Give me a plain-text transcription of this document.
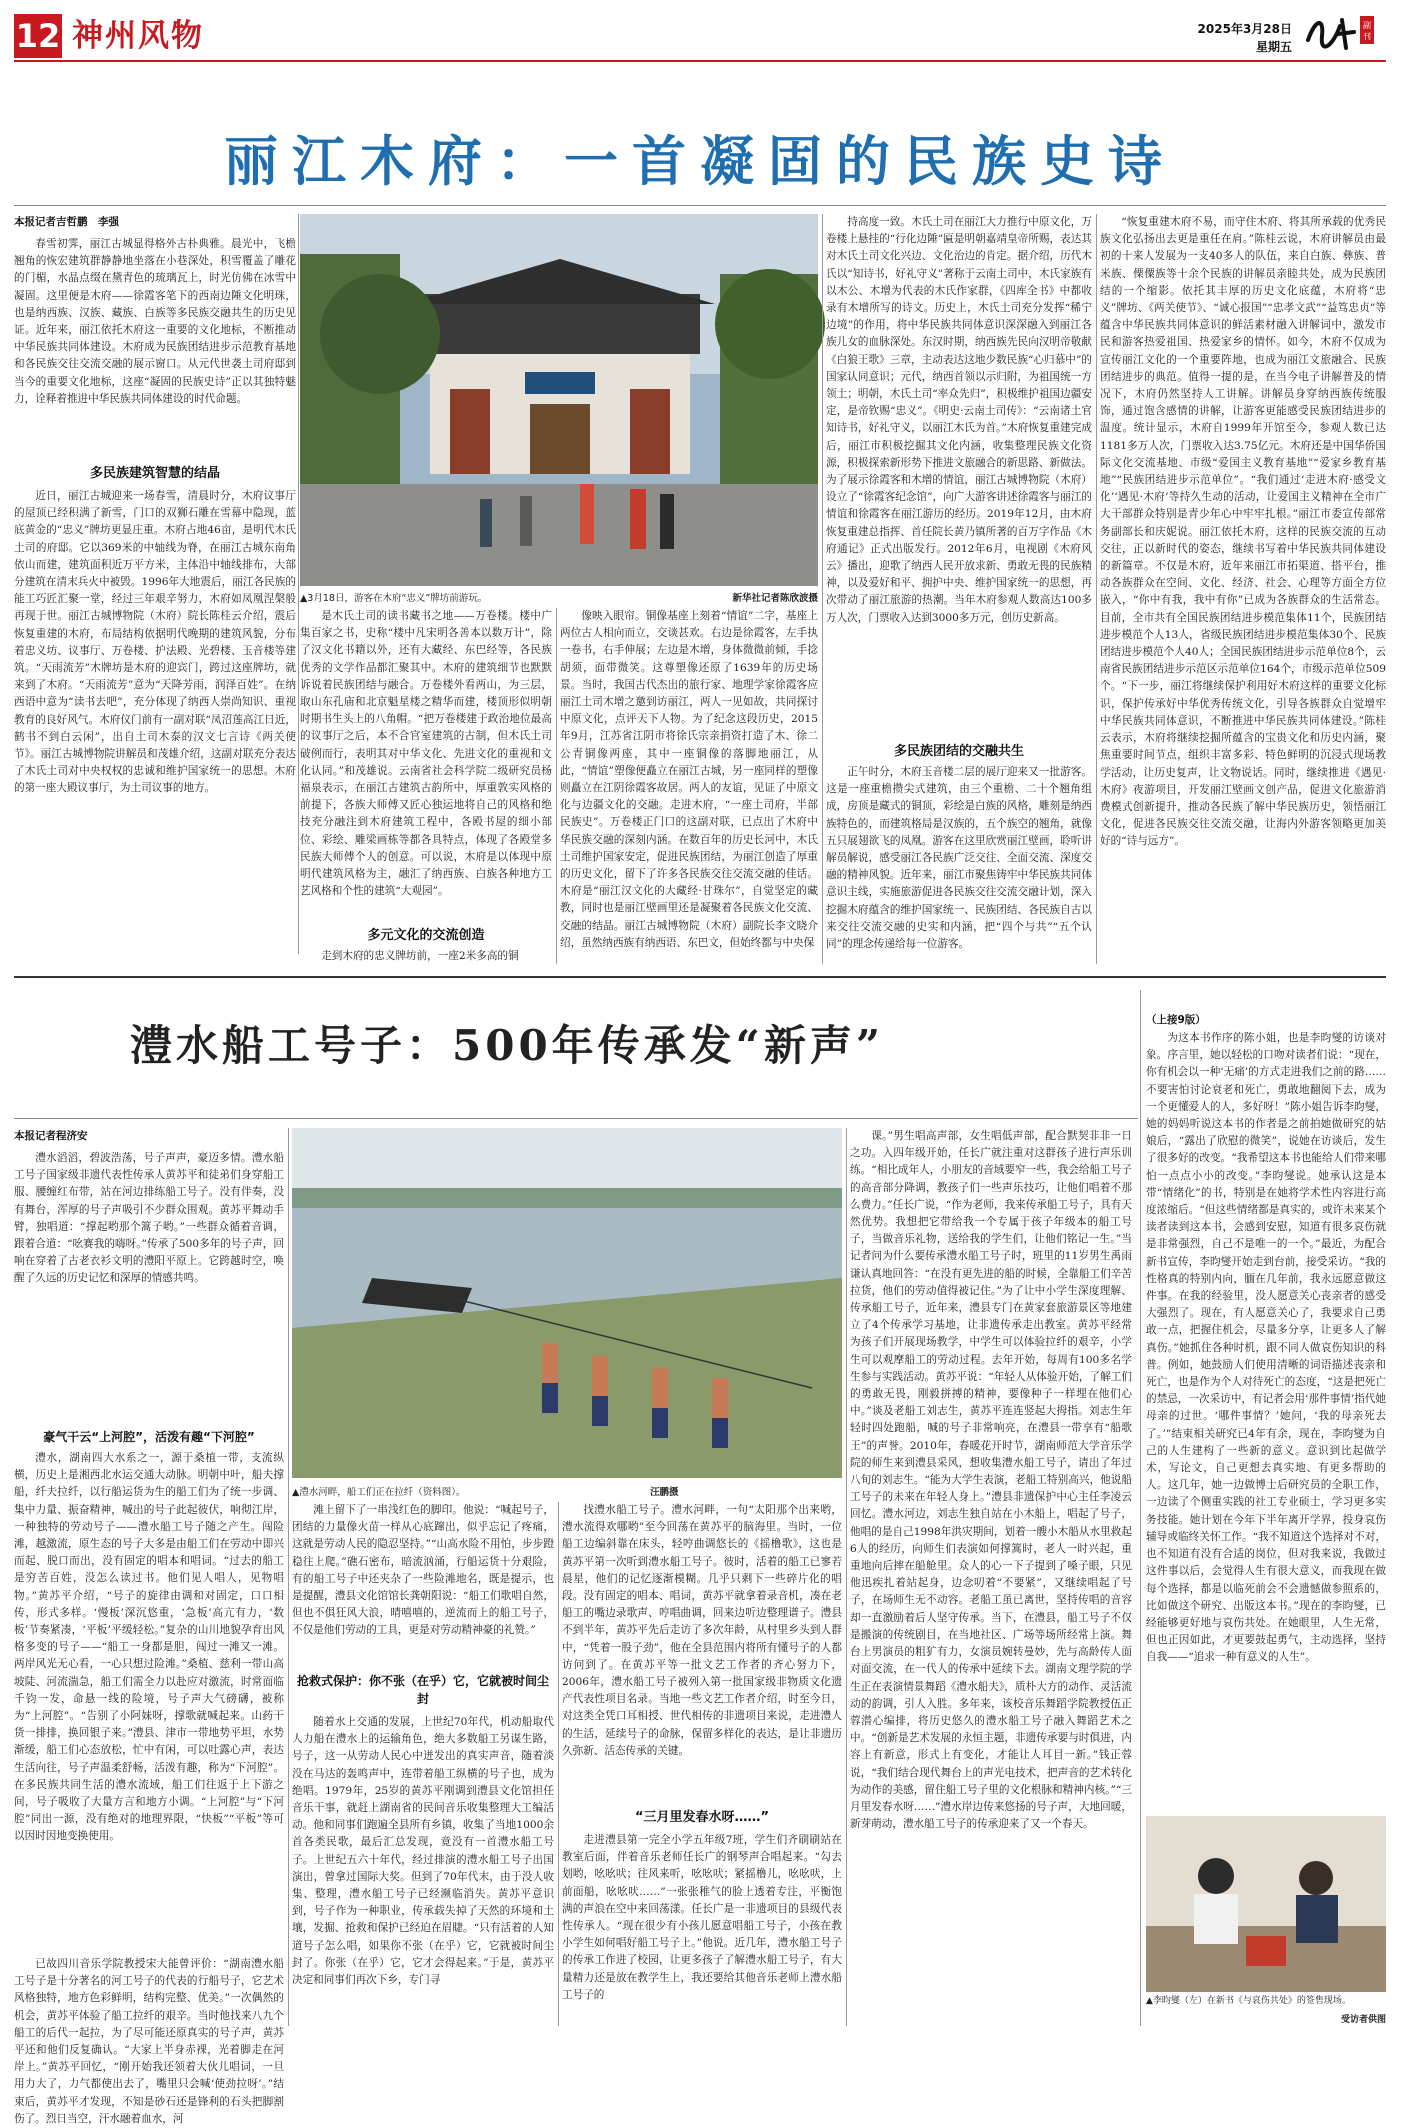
12 神州风物	2025年3月28日
星期五
副
刊
丽江木府：一首凝固的民族史诗
本报记者吉哲鹏　李强

春雪初霁，丽江古城显得格外古朴典雅。晨光中，飞檐翘角的恢宏建筑群静静地坐落在小巷深处，积雪覆盖了雕花的门楣，水晶点缀在黛青色的琉璃瓦上，时光仿佛在冰雪中凝固。这里便是木府——徐霞客笔下的西南边陲文化明珠，也是纳西族、汉族、藏族、白族等多民族交融共生的历史见证。近年来，丽江依托木府这一重要的文化地标，不断推动中华民族共同体建设。木府成为民族团结进步示范教育基地和各民族交往交流交融的展示窗口。从元代世袭土司府邸到当今的重要文化地标，这座“凝固的民族史诗”正以其独特魅力，诠释着推进中华民族共同体建设的时代命题。

多民族建筑智慧的结晶

近日，丽江古城迎来一场春雪，清晨时分，木府议事厅的屋顶已经积满了新雪，门口的双狮石雕在雪幕中隐现，蓝底黄金的“忠义”牌坊更显庄重。木府占地46亩，是明代木氏土司的府邸。它以369米的中轴线为脊，在丽江古城东南角依山而建，建筑面积近万平方米，主体沿中轴线排布，大部分建筑在清末兵火中被毁。1996年大地震后，丽江各民族的能工巧匠汇聚一堂，经过三年艰辛努力，木府如凤凰涅槃般再现于世。丽江古城博物院（木府）院长陈桂云介绍，震后恢复重建的木府，布局结构依据明代晚期的建筑风貌，分布着忠义坊、议事厅、万卷楼、护法殿、光碧楼、玉音楼等建筑。“天雨流芳”木牌坊是木府的迎宾门，跨过这座牌坊，就来到了木府。“天雨流芳”意为“天降芳雨，润泽百姓”。在纳西语中意为“读书去吧”，充分体现了纳西人崇尚知识、重视教育的良好风气。木府仪门前有一副对联“凤沼莲高江日近，鹤书不到白云闲”，出自土司木泰的汉文七言诗《两关使节》。丽江古城博物院讲解员和茂雄介绍，这副对联充分表达了木氏土司对中央权权的忠诚和维护国家统一的思想。木府的第一座大殿议事厅，为土司议事的地方。

▲3月18日，游客在木府“忠义”牌坊前游玩。	新华社记者陈欣波摄

是木氏土司的读书藏书之地——万卷楼。楼中广集百家之书，史称“楼中凡宋明各善本以数万计”，除了汉文化书籍以外，还有大藏经、东巴经等，各民族优秀的文学作品都汇聚其中。木府的建筑细节也默默诉说着民族团结与融合。万卷楼外看两山，为三层，取山东孔庙和北京魁星楼之精华而建，楼顶形似明朝时期书生头上的八角帽。“把万卷楼建于政治地位最高的议事厅之后，本不合官室建筑的古制，但木氏土司破例而行，表明其对中华文化、先进文化的重视和文化认同。”和茂雄说。云南省社会科学院二级研究员杨福泉表示，在丽江古建筑古韵所中，厚重敦实风格的前提下，各族大师傅又匠心独运地将自己的风格和绝技充分融注到木府建筑工程中，各殿书屋的细小部位、彩绘、雕梁画栋等都各具特点，体现了各殿堂多民族大师傅个人的创意。可以说，木府是以体现中原明代建筑风格为主，融汇了纳西族、白族各种地方工艺风格和个性的建筑“大观园”。

多元文化的交流创造

走到木府的忠义牌坊前，一座2米多高的铜

像映入眼帘。铜像基座上刻着“情谊”二字，基座上两位古人相向而立，交谈甚欢。右边是徐霞客，左手执一卷书，右手伸展；左边是木增，身体微微前倾，手捻胡须，面带微笑。这尊塑像还原了1639年的历史场景。当时，我国古代杰出的旅行家、地理学家徐霞客应丽江土司木增之邀到访丽江，两人一见如故，共同探讨中原文化，点评天下人物。为了纪念这段历史，2015年9月，江苏省江阴市将徐氏宗亲捐资打造了木、徐二公青铜像两座，其中一座铜像的落脚地丽江，从此，“情谊”塑像便矗立在丽江古城，另一座同样的塑像则矗立在江阴徐霞客故居。两人的友谊，见证了中原文化与边疆文化的交融。走进木府，“一座土司府，半部民族史”。万卷楼正门口的这副对联，已点出了木府中华民族交融的深刻内涵。在数百年的历史长河中，木氏土司维护国家安定，促进民族团结，为丽江创造了厚重的历史文化，留下了许多各民族交往交流交融的佳话。木府是“丽江汉文化的大藏经·甘珠尔”，自觉坚定的藏教，同时也是丽江壁画里还是凝聚着各民族文化交流、交融的结晶。丽江古城博物院（木府）副院长李文晓介绍，虽然纳西族有纳西语、东巴文，但始终都与中央保

持高度一致。木氏土司在丽江大力推行中原文化，万卷楼上悬挂的“行化边陲”匾是明朝嘉靖皇帝所赐，表达其对木氏土司文化兴边、文化治边的肯定。据介绍，历代木氏以“知诗书，好礼守义”著称于云南土司中，木氏家族有以木公、木增为代表的木氏作家群，《四库全书》中都收录有木增所写的诗文。历史上，木氏土司充分发挥“稀宁边境”的作用，将中华民族共同体意识深深融入到丽江各族儿女的血脉深处。东汉时期，纳西族先民向汉明帝敬献《白狼王歌》三章，主动表达这地少数民族“心归慕中”的国家认同意识；元代，纳西首领以示归附，为祖国统一方领土；明朝，木氏土司“率众先归”，积极维护祖国边疆安定，是帝钦赐“忠义”。《明史·云南土司传》：“云南诸土官知诗书，好礼守义，以丽江木氏为首。”木府恢复重建完成后，丽江市积极挖掘其文化内涵，收集整理民族文化资源，积极探索新形势下推进文旅融合的新思路、新做法。为了展示徐霞客和木增的情谊，丽江古城博物院（木府）设立了“徐霞客纪念馆”，向广大游客讲述徐霞客与丽江的情谊和徐霞客在丽江游历的经历。2019年12月，由木府恢复重建总指挥、首任院长黄乃镇所著的百万字作品《木府通记》正式出版发行。2012年6月，电视剧《木府风云》播出，迎歌了纳西人民开放求新、勇敢无畏的民族精神，以及爱好和平、拥护中央、维护国家统一的思想，再次带动了丽江旅游的热潮。当年木府参观人数高达100多万人次，门票收入达到3000多万元，创历史新高。

多民族团结的交融共生

正午时分，木府玉音楼二层的展厅迎来又一批游客。这是一座重檐攒尖式建筑，由三个重檐、二十个翘角组成，房顶是藏式的铜顶，彩绘是白族的风格，雕刻是纳西族特色的，而建筑格局是汉族的，五个族空的翘角，就像五只展翅欲飞的凤凰。游客在这里欣赏丽江壁画，聆听讲解员解说，感受丽江各民族广泛交往、全面交流、深度交融的精神风貌。近年来，丽江市聚焦铸牢中华民族共同体意识主线，实施旅游促进各民族交往交流交融计划，深入挖掘木府蕴含的维护国家统一、民族团结、各民族自古以来交往交流交融的史实和内涵，把“四个与共”“五个认同”的理念传递给每一位游客。

“恢复重建木府不易，而守住木府、将其所承载的优秀民族文化弘扬出去更是重任在肩。”陈桂云说，木府讲解员由最初的十来人发展为一支40多人的队伍，来自白族、彝族、普米族、傈僳族等十余个民族的讲解员亲睦共处，成为民族团结的一个缩影。依托其丰厚的历史文化底蕴，木府将“忠义”牌坊、《两关使节》、“诚心报国”“忠孝文武”“益笃忠贞”等蕴含中华民族共同体意识的鲜活素材融入讲解词中，激发市民和游客热爱祖国、热爱家乡的情怀。如今，木府不仅成为宣传丽江文化的一个重要阵地，也成为丽江文旅融合、民族团结进步的典范。值得一提的是，在当今电子讲解普及的情况下，木府仍然坚持人工讲解。讲解员身穿纳西族传统服饰，通过饱含感情的讲解，让游客更能感受民族团结进步的温度。统计显示，木府自1999年开馆至今，参观人数已达1181多万人次，门票收入达3.75亿元。木府还是中国华侨国际文化交流基地、市级“爱国主义教育基地”“爱家乡教育基地”“民族团结进步示范单位”。“我们通过‘走进木府·感受文化’‘遇见·木府’等持久生动的活动，让爱国主义精神在全市广大干部群众特别是青少年心中牢牢扎根。”丽江市委宣传部常务副部长和庆妮说。丽江依托木府，这样的民族交流的互动交往，正以新时代的姿态，继续书写着中华民族共同体建设的新篇章。不仅是木府，近年来丽江市拓渠道、搭平台，推动各族群众在空间、文化、经济、社会、心理等方面全方位嵌入，“你中有我，我中有你”已成为各族群众的生活常态。目前，全市共有全国民族团结进步模范集体11个，民族团结进步模范个人13人，省级民族团结进步模范集体30个、民族团结进步模范个人40人；全国民族团结进步示范单位8个，云南省民族团结进步示范区示范单位164个，市级示范单位509个。“下一步，丽江将继续保护利用好木府这样的重要文化标识，保护传承好中华优秀传统文化，引导各族群众自觉增牢中华民族共同体意识，不断推进中华民族共同体建设。”陈桂云表示，木府将继续挖掘所蕴含的宝贵文化和历史内涵，聚焦重要时间节点，组织丰富多彩、特色鲜明的沉浸式现场教学活动，让历史复声，让文物说话。同时，继续推进《遇见·木府》夜游项目，开发丽江壁画文创产品，促进文化旅游消费模式创新提升，推动各民族了解中华民族历史，领悟丽江文化，促进各民族交往交流交融，让海内外游客领略更加美好的“诗与远方”。

澧水船工号子：500年传承发“新声”
本报记者程济安

澧水滔滔，碧波浩荡，号子声声，豪迈多情。澧水船工号子国家级非遗代表性传承人黄苏平和徒弟们身穿船工服、腰缠红布带，站在河边排练船工号子。没有伴奏，没有舞台，浑厚的号子声吸引不少群众围观。黄苏平舞动手臂，独唱道：“撑起哟那个篙子哟。”一些群众循着音调，跟着合道：“吆赛我的嗨呀。”传承了500多年的号子声，回响在穿着了古老衣衫文明的澧阳平原上。它跨越时空，唤醒了久远的历史记忆和深厚的情感共鸣。

豪气干云“上河腔”，活泼有趣“下河腔”

澧水，湖南四大水系之一，源于桑植一带，支流纵横，历史上是湘西北水运交通大动脉。明朝中叶，船夫撑船，纤夫拉纤，以行船运货为生的船工们为了统一步调、集中力量、振奋精神，喊出的号子此起彼伏，响彻江岸，一种独特的劳动号子——澧水船工号子随之产生。闯险滩，越激流，原生态的号子大多是由船工们在劳动中即兴而起、脱口而出，没有固定的唱本和唱词。“过去的船工是穷苦百姓，没怎么读过书。他们见人唱人，见物唱物。”黄苏平介绍，“号子的旋律由调和对固定，口口相传，形式多样。‘慢板’深沉悠重，‘急板’高亢有力，‘数板’节奏紧凑，‘平板’平缓轻松。”复杂的山川地貌孕育出风格多变的号子——“船工一身都是胆，闯过一滩又一滩。两岸风光无心看，一心只想过险滩。”桑植、慈利一带山高坡陡、河流湍急，船工们需全力以赴应对激流，时常面临千钧一发，命悬一线的险境，号子声大气磅礴，被称为“上河腔”。“告别了小阿妹呀，撑歌就喊起来。山药干货一排排，换回银子来。”澧县、津市一带地势平坦，水势渐缓，船工们心态放松，忙中有闲，可以吐露心声，表达生活向往，号子声温柔舒畅，活泼有趣，称为“下河腔”。在多民族共同生活的澧水流域，船工们往返于上下游之间，号子吸收了大量方言和地方小调。“上河腔”与“下河腔”同出一源，没有绝对的地理界限，“快板”“平板”等可以因时因地变换使用。

已故四川音乐学院教授宋大能曾评价：“湖南澧水船工号子是十分著名的河工号子的代表的行船号子，它艺术风格独特，地方色彩鲜明，结构完整、优美。”一次偶然的机会，黄苏平体验了船工拉纤的艰辛。当时他找来八九个船工的后代一起拉，为了尽可能还原真实的号子声，黄苏平还和他们反复确认。“大家上半身赤裸，光着脚走在河岸上。”黄苏平回忆，“刚开始我还领着大伙儿唱词，一旦用力大了，力气都使出去了，嘴里只会喊‘使劲拉呀’。”结束后，黄苏平才发现，不知是砂石还是锋利的石头把脚割伤了。烈日当空，汗水融着血水，河

▲澧水河畔，船工们正在拉纤（资料图）。	汪鹏摄

滩上留下了一串浅红色的脚印。他说：“喊起号子，团结的力量像火苗一样从心底蹿出，似乎忘记了疼痛，这就是劳动人民的隐忍坚持。”“山高水险不用怕，步步蹬稳往上爬。”礁石密布，暗流汹涌，行船运货十分艰险，有的船工号子中还夹杂了一些险滩地名，既是提示，也是提醒，澧县文化馆馆长龚朝阳说：“船工们歌唱自然，但也不俱狂风大浪，晴嘻嘻的，逆流而上的船工号子，不仅是他们劳动的工具，更是对劳动精神豪的礼赞。”

抢救式保护：你不张（在乎）它，它就被时间尘封

随着水上交通的发展，上世纪70年代，机动船取代人力船在澧水上的运输角色，绝大多数船工另谋生路，号子，这一从劳动人民心中迸发出的真实声音，随着淡没在马达的轰鸣声中，连带着船工纵横的号子也，成为绝唱。1979年，25岁的黄苏平刚调到澧县文化馆担任音乐干事，就赶上湖南省的民间音乐收集整理大工编活动。他和同事们跑遍全县所有乡镇，收集了当地1000余首各类民歌，最后汇总发现，竟没有一首澧水船工号子。上世纪五六十年代，经过排演的澧水船工号子出国演出，曾拿过国际大奖。但到了70年代末，由于没人收集、整理，澧水船工号子已经濒临消失。黄苏平意识到，号子作为一种职业，传承载失掉了天然的环境和土壤，发掘、抢救和保护已经迫在眉睫。“只有活着的人知道号子怎么唱，如果你不张（在乎）它，它就被时间尘封了。你张（在乎）它，它才会得起来。”于是，黄苏平决定和同事们再次下乡，专门寻

找澧水船工号子。澧水河畔，一句“太阳那个出来哟，澧水流得欢哪哟”至今回荡在黄苏平的脑海里。当时，一位船工边编斜靠在床头，轻哼曲调悠长的《摇橹歌》，这也是黄苏平第一次听到澧水船工号子。彼时，活着的船工已寥若晨星，他们的记忆逐渐模糊。几乎只剩下一些碎片化的唱段。没有固定的唱本、唱词，黄苏平就拿着录音机，凑在老船工的嘴边录歌声、哼唱曲调，回来边听边整理谱子。澧县不到半年，黄苏平先后走访了多次年龄，从村里乡头到人群中，“凭着一股子劲”，他在全县范围内将所有懂号子的人都访问到了。在黄苏平等一批文艺工作者的齐心努力下，2006年，澧水船工号子被列入第一批国家级非物质文化遗产代表性项目名录。当地一些文艺工作者介绍，时至今日，对这类全凭口耳相授、世代相传的非遗项目来说，走进澧人的生活，延续号子的命脉，保留多样化的表达，是让非遗历久弥新、活态传承的关键。

“三月里发春水呀……”

走进澧县第一完全小学五年级7班，学生们齐刷刷站在教室后面，伴着音乐老师任长广的钢琴声合唱起来。“勾去划哟，吆吆吠；往风来听，吆吆吠；紧摇橹儿，吆吆吠，上前面船，吆吆吠……”一张张稚气的脸上透着专注，平衡饱满的声浪在空中来回荡漾。任长广是一非遗项目的县级代表性传承人。“现在很少有小孩儿愿意唱船工号子，小孩在教小学生如何唱好船工号子上。”他说。近几年，澧水船工号子的传承工作进了校园，让更多孩子了解澧水船工号子，有大量精力还是放在教学生上，我还要给其他音乐老师上澧水船工号子的

课。”男生唱高声部，女生唱低声部，配合默契非非一日之功。入四年级开始，任长广就注重对这群孩子进行声乐训练。“相比成年人，小朋友的音域要窄一些，我会给船工号子的高音部分降调，教孩子们一些声乐技巧，让他们唱着不那么费力。”任长广说，“作为老师，我来传承船工号子，具有天然优势。我想把它带给我一个专属于孩子年级本的船工号子，当做音乐礼物，送给我的学生们，让他们铭记一生。”当记者问为什么要传承澧水船工号子时，班里的11岁男生禹雨谦认真地回答：“在没有更先进的船的时候，全靠船工们辛苦拉货，他们的劳动值得被记住。”为了让中小学生深度理解、传承船工号子，近年来，澧县专门在黄家套旅游景区等地建立了4个传承学习基地，让非遗传承走出教室。黄苏平经常为孩子们开展现场教学，中学生可以体验拉纤的艰辛，小学生可以观摩船工的劳动过程。去年开始，每周有100多名学生参与实践活动。黄苏平说：“年轻人从体验开始，了解工们的勇敢无畏，刚毅拼搏的精神，要像种子一样埋在他们心中。”谈及老船工刘志生，黄苏平连连竖起大拇指。刘志生年轻时四处跑船，喊的号子非常响亮，在澧县一带享有“船歌王”的声誉。2010年，春暖花开时节，湖南师范大学音乐学院的师生来到澧县采风，想收集澧水船工号子，请出了年过八旬的刘志生。“能为大学生表演，老船工特别高兴，他说船工号子的未来在年轻人身上。”澧县非遗保护中心主任李凌云回忆。澧水河边，刘志生独自站在小木船上，唱起了号子，他唱的是自己1998年洪灾期间，划着一艘小木船从水里救起6人的经历，向师生们表演如何撑篙时，老人一时兴起，重重地向后摔在船舱里。众人的心一下子提到了嗓子眼，只见他迅疾扎着站起身，边念叨着“不要紧”，又继续唱起了号子，在场师生无不动容。老船工虽已离世，坚持传唱的音容却一直激励着后人坚守传承。当下，在澧县，船工号子不仅是搬演的传统剧目，在当地社区、广场等场所经常上演。舞台上男演员的粗犷有力，女演员婉转曼妙，先与高龄传人面对面交流，在一代人的传承中延续下去。湖南文理学院的学生正在表演情景舞蹈《澧水船夫》，质朴大方的动作、灵活流动的韵调，引人入胜。多年来，该校音乐舞蹈学院教授伍正蓉潜心编排，将历史悠久的澧水船工号子融入舞蹈艺术之中。“创新是艺术发展的永恒主题，非遗传承要与时俱进，内容上有新意，形式上有变化，才能让人耳目一新。”钱正蓉说，“我们结合现代舞台上的声光电技术，把声音的艺术转化为动作的美感，留住船工号子里的文化根脉和精神内核。”“三月里发春水呀……”澧水岸边传来悠扬的号子声，大地回暖，新芽萌动，澧水船工号子的传承迎来了又一个春天。

（上接9版）

为这本书作序的陈小姐，也是李昀燮的访谈对象。序言里，她以轻松的口吻对读者们说：“现在，你有机会以一种‘无痛’的方式走进我们之前的路……不要害怕讨论衰老和死亡，勇敢地翻阅下去，成为一个更懂爱人的人，多好呀！”陈小姐告诉李昀燮，她的妈妈听说这本书的作者是之前拍她做研究的姑娘后，“露出了欣慰的微笑”，说她在访谈后，发生了很多好的改变。“我希望这本书也能给人们带来哪怕一点点小小的改变。”李昀燮说。她承认这是本带“情绪化”的书，特别是在她将学术性内容进行高度浓缩后。“但这些情绪都是真实的，或许未来某个读者读到这本书，会感到安慰，知道有很多哀伤就是非常强烈，自己不是唯一的一个。”最近，为配合新书宣传，李昀燮开始走到台前，接受采访。“我的性格真的特别内向，腼在几年前，我永远愿意做这件事。在我的经验里，没人愿意关心丧亲者的感受大强烈了。现在，有人愿意关心了，我要求自己勇敢一点，把握住机会，尽量多分享，让更多人了解真伤。”她抓住各种时机，跟不同人做哀伤知识的科普。例如，她鼓励人们使用清晰的词语描述丧亲和死亡，也是作为个人对待死亡的态度，“这是把死亡的禁忌，一次采访中，有记者会用‘那件事情’指代她母亲的过世。‘哪件事情？’她问，‘我的母亲死去了。’”结束相关研究已4年有余，现在，李昀燮为自己的人生建构了一些新的意义。意识到比起做学术，写论文，自己更想去真实地、有更多帮助的人。这几年，她一边做博士后研究员的全职工作，一边读了个侧重实践的社工专业硕士，学习更多实务技能。她计划在今年下半年离开学界，投身哀伤辅导或临终关怀工作。“我不知道这个选择对不对，也不知道有没有合适的岗位，但对我来说，我做过这件事以后，会觉得人生有很大意义，而我现在做每个选择，都是以临死前会不会遗憾做参照系的，比如做这个研究、出版这本书。”现在的李昀燮，已经能够更好地与哀伤共处。在她眼里，人生无常，但也正因如此，才更要鼓起勇气，主动选择，坚持自我——“追求一种有意义的人生”。

▲李昀燮（左）在新书《与哀伤共处》的签售现场。
受访者供图
